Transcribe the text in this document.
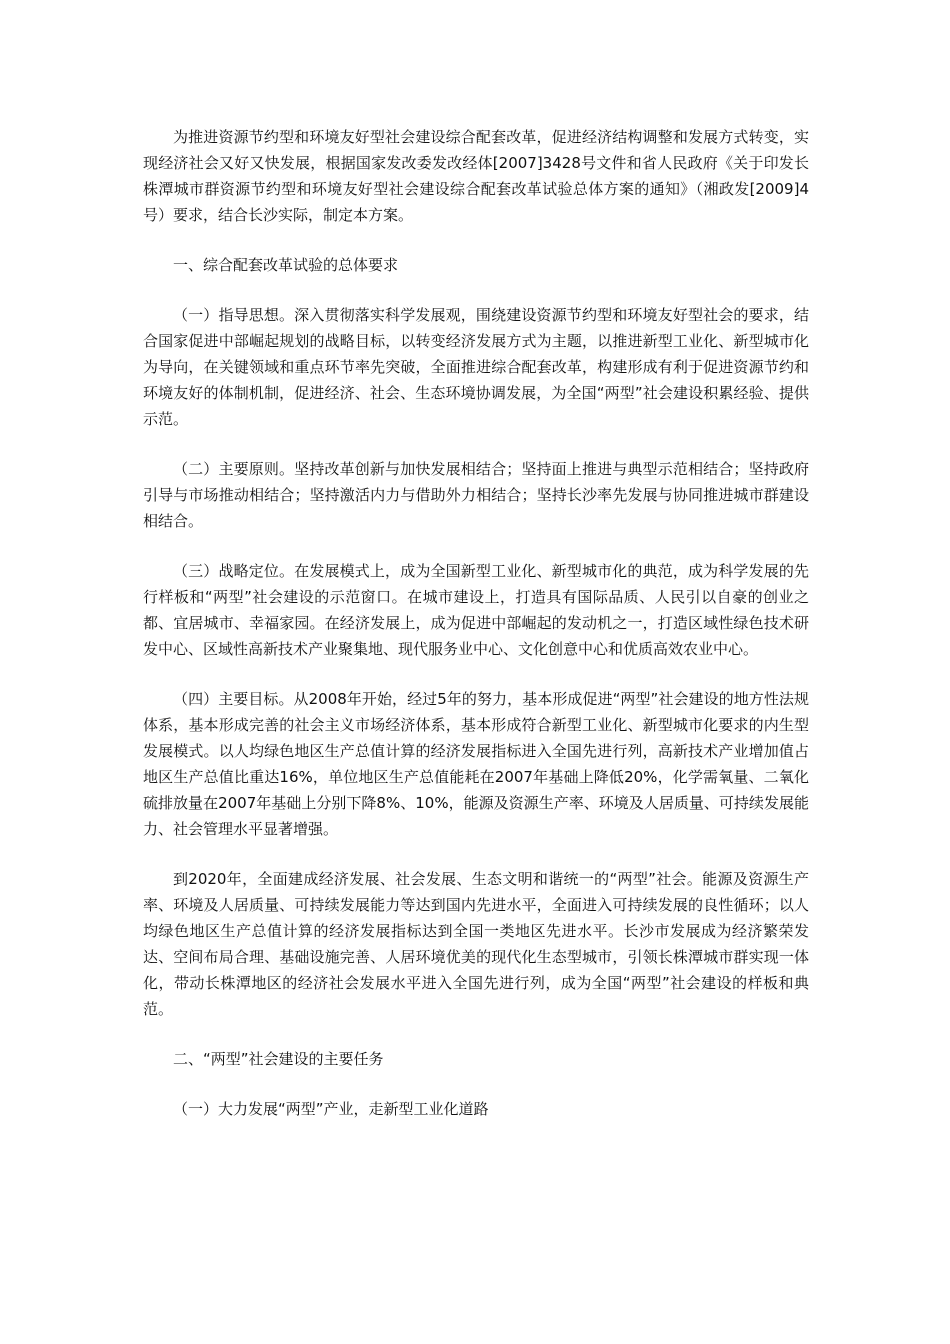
为推进资源节约型和环境友好型社会建设综合配套改革，促进经济结构调整和发展方式转变，实现经济社会又好又快发展，根据国家发改委发改经体[2007]3428号文件和省人民政府《关于印发长株潭城市群资源节约型和环境友好型社会建设综合配套改革试验总体方案的通知》（湘政发[2009]4号）要求，结合长沙实际，制定本方案。

一、综合配套改革试验的总体要求

（一）指导思想。深入贯彻落实科学发展观，围绕建设资源节约型和环境友好型社会的要求，结合国家促进中部崛起规划的战略目标，以转变经济发展方式为主题，以推进新型工业化、新型城市化为导向，在关键领域和重点环节率先突破，全面推进综合配套改革，构建形成有利于促进资源节约和环境友好的体制机制，促进经济、社会、生态环境协调发展，为全国“两型”社会建设积累经验、提供示范。

（二）主要原则。坚持改革创新与加快发展相结合；坚持面上推进与典型示范相结合；坚持政府引导与市场推动相结合；坚持激活内力与借助外力相结合；坚持长沙率先发展与协同推进城市群建设相结合。

（三）战略定位。在发展模式上，成为全国新型工业化、新型城市化的典范，成为科学发展的先行样板和“两型”社会建设的示范窗口。在城市建设上，打造具有国际品质、人民引以自豪的创业之都、宜居城市、幸福家园。在经济发展上，成为促进中部崛起的发动机之一，打造区域性绿色技术研发中心、区域性高新技术产业聚集地、现代服务业中心、文化创意中心和优质高效农业中心。

（四）主要目标。从2008年开始，经过5年的努力，基本形成促进“两型”社会建设的地方性法规体系，基本形成完善的社会主义市场经济体系，基本形成符合新型工业化、新型城市化要求的内生型发展模式。以人均绿色地区生产总值计算的经济发展指标进入全国先进行列，高新技术产业增加值占地区生产总值比重达16%，单位地区生产总值能耗在2007年基础上降低20%，化学需氧量、二氧化硫排放量在2007年基础上分别下降8%、10%，能源及资源生产率、环境及人居质量、可持续发展能力、社会管理水平显著增强。

到2020年，全面建成经济发展、社会发展、生态文明和谐统一的“两型”社会。能源及资源生产率、环境及人居质量、可持续发展能力等达到国内先进水平，全面进入可持续发展的良性循环；以人均绿色地区生产总值计算的经济发展指标达到全国一类地区先进水平。长沙市发展成为经济繁荣发达、空间布局合理、基础设施完善、人居环境优美的现代化生态型城市，引领长株潭城市群实现一体化，带动长株潭地区的经济社会发展水平进入全国先进行列，成为全国“两型”社会建设的样板和典范。

二、“两型”社会建设的主要任务

（一）大力发展“两型”产业，走新型工业化道路
